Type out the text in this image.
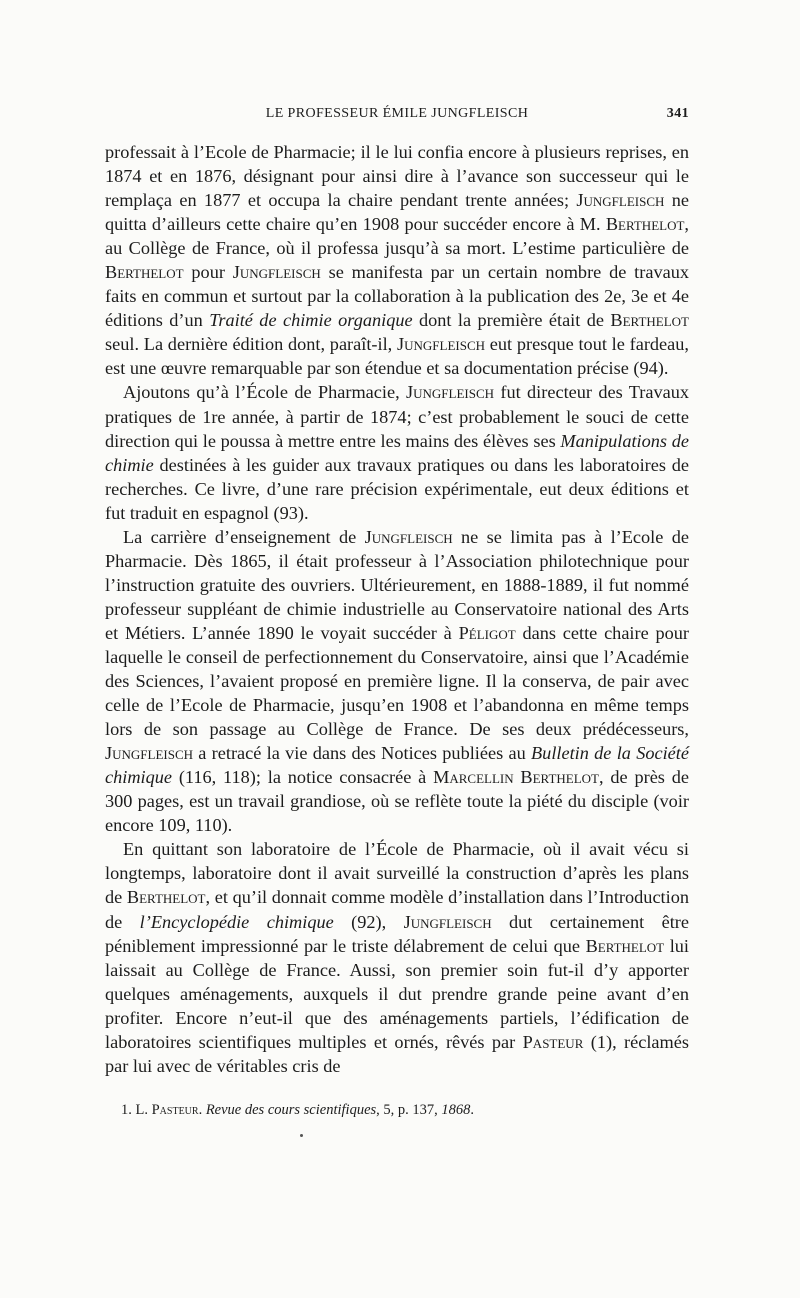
LE PROFESSEUR ÉMILE JUNGFLEISCH	341

professait à l’Ecole de Pharmacie; il le lui confia encore à plusieurs reprises, en 1874 et en 1876, désignant pour ainsi dire à l’avance son successeur qui le remplaça en 1877 et occupa la chaire pendant trente années; Jungfleisch ne quitta d’ailleurs cette chaire qu’en 1908 pour succéder encore à M. Berthelot, au Collège de France, où il professa jusqu’à sa mort. L’estime particulière de Berthelot pour Jungfleisch se manifesta par un certain nombre de travaux faits en commun et surtout par la collaboration à la publication des 2e, 3e et 4e éditions d’un Traité de chimie organique dont la première était de Berthelot seul. La dernière édition dont, paraît-il, Jungfleisch eut presque tout le fardeau, est une œuvre remarquable par son étendue et sa documentation précise (94).

Ajoutons qu’à l’École de Pharmacie, Jungfleisch fut directeur des Travaux pratiques de 1re année, à partir de 1874; c’est probablement le souci de cette direction qui le poussa à mettre entre les mains des élèves ses Manipulations de chimie destinées à les guider aux travaux pratiques ou dans les laboratoires de recherches. Ce livre, d’une rare précision expérimentale, eut deux éditions et fut traduit en espagnol (93).

La carrière d’enseignement de Jungfleisch ne se limita pas à l’Ecole de Pharmacie. Dès 1865, il était professeur à l’Association philotechnique pour l’instruction gratuite des ouvriers. Ultérieurement, en 1888-1889, il fut nommé professeur suppléant de chimie industrielle au Conservatoire national des Arts et Métiers. L’année 1890 le voyait succéder à Péligot dans cette chaire pour laquelle le conseil de perfectionnement du Conservatoire, ainsi que l’Académie des Sciences, l’avaient proposé en première ligne. Il la conserva, de pair avec celle de l’Ecole de Pharmacie, jusqu’en 1908 et l’abandonna en même temps lors de son passage au Collège de France. De ses deux prédécesseurs, Jungfleisch a retracé la vie dans des Notices publiées au Bulletin de la Société chimique (116, 118); la notice consacrée à Marcellin Berthelot, de près de 300 pages, est un travail grandiose, où se reflète toute la piété du disciple (voir encore 109, 110).

En quittant son laboratoire de l’École de Pharmacie, où il avait vécu si longtemps, laboratoire dont il avait surveillé la construction d’après les plans de Berthelot, et qu’il donnait comme modèle d’installation dans l’Introduction de l’Encyclopédie chimique (92), Jungfleisch dut certainement être péniblement impressionné par le triste délabrement de celui que Berthelot lui laissait au Collège de France. Aussi, son premier soin fut-il d’y apporter quelques aménagements, auxquels il dut prendre grande peine avant d’en profiter. Encore n’eut-il que des aménagements partiels, l’édification de laboratoires scientifiques multiples et ornés, rêvés par Pasteur (1), réclamés par lui avec de véritables cris de

1. L. Pasteur. Revue des cours scientifiques, 5, p. 137, 1868.
